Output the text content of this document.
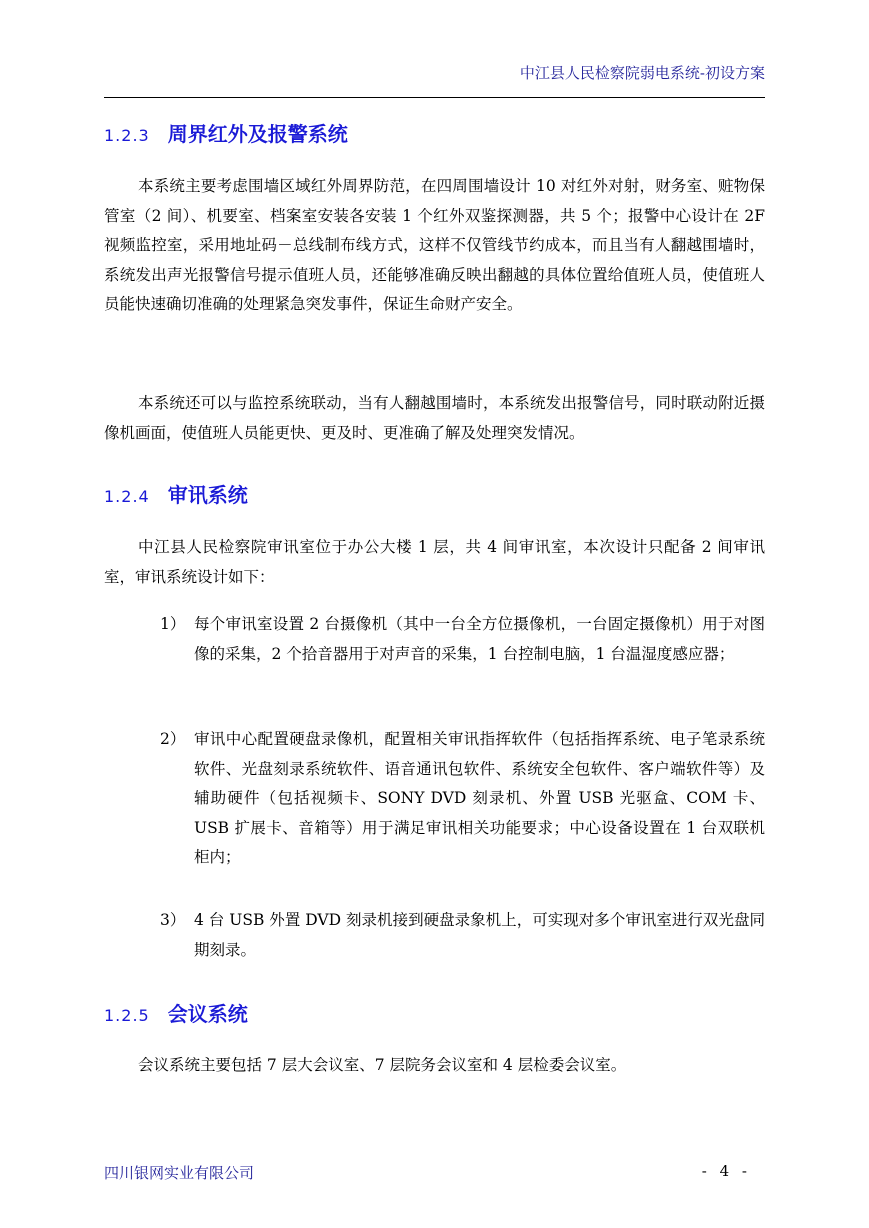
中江县人民检察院弱电系统-初设方案
1.2.3 周界红外及报警系统
本系统主要考虑围墙区域红外周界防范，在四周围墙设计 10 对红外对射，财务室、赃物保管室（2 间）、机要室、档案室安装各安装 1 个红外双鉴探测器，共 5 个；报警中心设计在 2F 视频监控室，采用地址码－总线制布线方式，这样不仅管线节约成本，而且当有人翻越围墙时，系统发出声光报警信号提示值班人员，还能够准确反映出翻越的具体位置给值班人员，使值班人员能快速确切准确的处理紧急突发事件，保证生命财产安全。
本系统还可以与监控系统联动，当有人翻越围墙时，本系统发出报警信号，同时联动附近摄像机画面，使值班人员能更快、更及时、更准确了解及处理突发情况。
1.2.4 审讯系统
中江县人民检察院审讯室位于办公大楼 1 层，共 4 间审讯室，本次设计只配备 2 间审讯室，审讯系统设计如下：
1） 每个审讯室设置 2 台摄像机（其中一台全方位摄像机，一台固定摄像机）用于对图像的采集，2 个拾音器用于对声音的采集，1 台控制电脑，1 台温湿度感应器；
2） 审讯中心配置硬盘录像机，配置相关审讯指挥软件（包括指挥系统、电子笔录系统软件、光盘刻录系统软件、语音通讯包软件、系统安全包软件、客户端软件等）及辅助硬件（包括视频卡、SONY DVD 刻录机、外置 USB 光驱盒、COM 卡、USB 扩展卡、音箱等）用于满足审讯相关功能要求；中心设备设置在 1 台双联机柜内；
3） 4 台 USB 外置 DVD 刻录机接到硬盘录象机上，可实现对多个审讯室进行双光盘同期刻录。
1.2.5 会议系统
会议系统主要包括 7 层大会议室、7 层院务会议室和 4 层检委会议室。
四川银网实业有限公司	- 4 -
